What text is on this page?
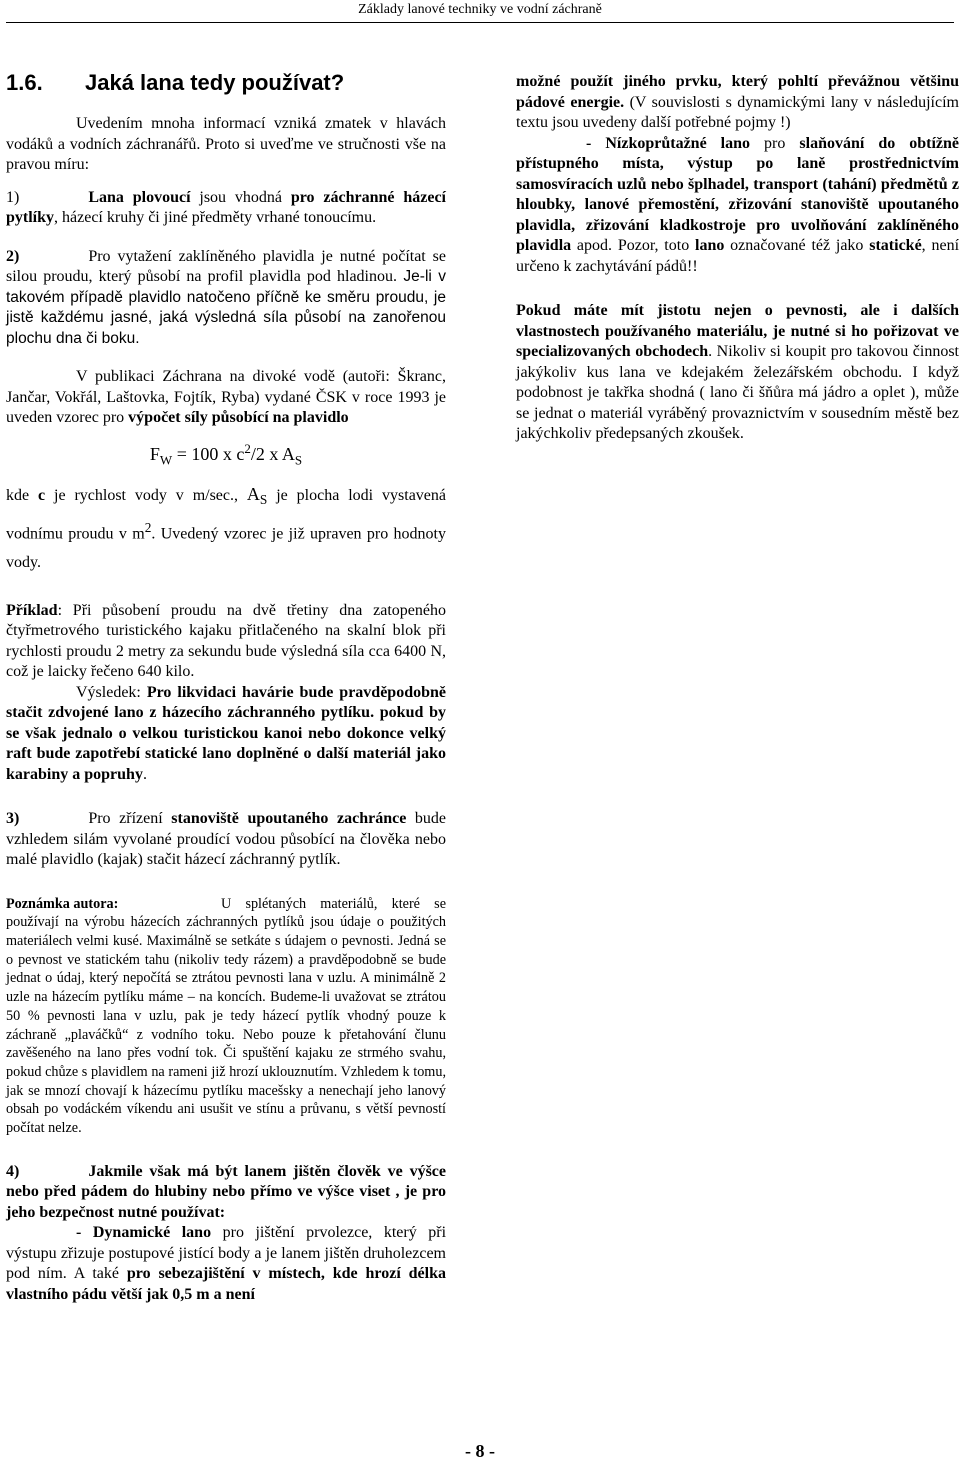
Základy lanové techniky ve vodní záchraně
1.6. Jaká lana tedy používat?

Uvedením mnoha informací vzniká zmatek v hlavách vodáků a vodních záchranářů. Proto si uveďme ve stručnosti vše na pravou míru:

1)	Lana plovoucí jsou vhodná pro záchranné házecí pytlíky, házecí kruhy či jiné předměty vrhané tonoucímu.

2)	Pro vytažení zaklíněného plavidla je nutné počítat se silou proudu, který působí na profil plavidla pod hladinou. Je-li v takovém případě plavidlo natočeno příčně ke směru proudu, je jistě každému jasné, jaká výsledná síla působí na zanořenou plochu dna či boku.

V publikaci Záchrana na divoké vodě (autoři: Škranc, Jančar, Vokřál, Laštovka, Fojtík, Ryba) vydané ČSK v roce 1993 je uveden vzorec pro výpočet síly působící na plavidlo

$F_W = 100$ x $c^2/2$ x $A_S$

kde c je rychlost vody v m/sec., $A_S$ je plocha lodi vystavená vodnímu proudu v $m^2$. Uvedený vzorec je již upraven pro hodnoty vody.

Příklad: Při působení proudu na dvě třetiny dna zatopeného čtyřmetrového turistického kajaku přitlačeného na skalní blok při rychlosti proudu 2 metry za sekundu bude výsledná síla cca 6400 N, což je laicky řečeno 640 kilo.

Výsledek: Pro likvidaci havárie bude pravděpodobně stačit zdvojené lano z házecího záchranného pytlíku. pokud by se však jednalo o velkou turistickou kanoi nebo dokonce velký raft bude zapotřebí statické lano doplněné o další materiál jako karabiny a popruhy.

3)	Pro zřízení stanoviště upoutaného zachránce bude vzhledem silám vyvolané proudící vodou působící na člověka nebo malé plavidlo (kajak) stačit házecí záchranný pytlík.

Poznámka autora:	U splétaných materiálů, které se používají na výrobu házecích záchranných pytlíků jsou údaje o použitých materiálech velmi kusé. Maximálně se setkáte s údajem o pevnosti. Jedná se o pevnost ve statickém tahu (nikoliv tedy rázem) a pravděpodobně se bude jednat o údaj, který nepočítá se ztrátou pevnosti lana v uzlu. A minimálně 2 uzle na házecím pytlíku máme – na koncích. Budeme-li uvažovat se ztrátou 50 % pevnosti lana v uzlu, pak je tedy házecí pytlík vhodný pouze k záchraně „plaváčků“ z vodního toku. Nebo pouze k přetahování člunu zavěšeného na lano přes vodní tok. Či spuštění kajaku ze strmého svahu, pokud chůze s plavidlem na rameni již hrozí uklouznutím. Vzhledem k tomu, jak se mnozí chovají k házecímu pytlíku macešsky a nenechají jeho lanový obsah po vodáckém víkendu ani usušit ve stínu a průvanu, s větší pevností počítat nelze.

4)	Jakmile však má být lanem jištěn člověk ve výšce nebo před pádem do hlubiny nebo přímo ve výšce viset , je pro jeho bezpečnost nutné používat:

- Dynamické lano pro jištění prvolezce, který při výstupu zřizuje postupové jistící body a je lanem jištěn druholezcem pod ním. A také pro sebezajištění v místech, kde hrozí délka vlastního pádu větší jak 0,5 m a není

možné použít jiného prvku, který pohltí převážnou většinu pádové energie. (V souvislosti s dynamickými lany v následujícím textu jsou uvedeny další potřebné pojmy !)

- Nízkoprůtažné lano pro slaňování do obtížně přístupného místa, výstup po laně prostřednictvím samosvíracích uzlů nebo šplhadel, transport (tahání) předmětů z hloubky, lanové přemostění, zřizování stanoviště upoutaného plavidla, zřizování kladkostroje pro uvolňování zaklíněného plavidla apod. Pozor, toto lano označované též jako statické, není určeno k zachytávání pádů!!

Pokud máte mít jistotu nejen o pevnosti, ale i dalších vlastnostech používaného materiálu, je nutné si ho pořizovat ve specializovaných obchodech. Nikoliv si koupit pro takovou činnost jakýkoliv kus lana ve kdejakém železářském obchodu. I když podobnost je takřka shodná ( lano či šňůra má jádro a oplet ), může se jednat o materiál vyráběný provaznictvím v sousedním městě bez jakýchkoliv předepsaných zkoušek.

- 8 -
